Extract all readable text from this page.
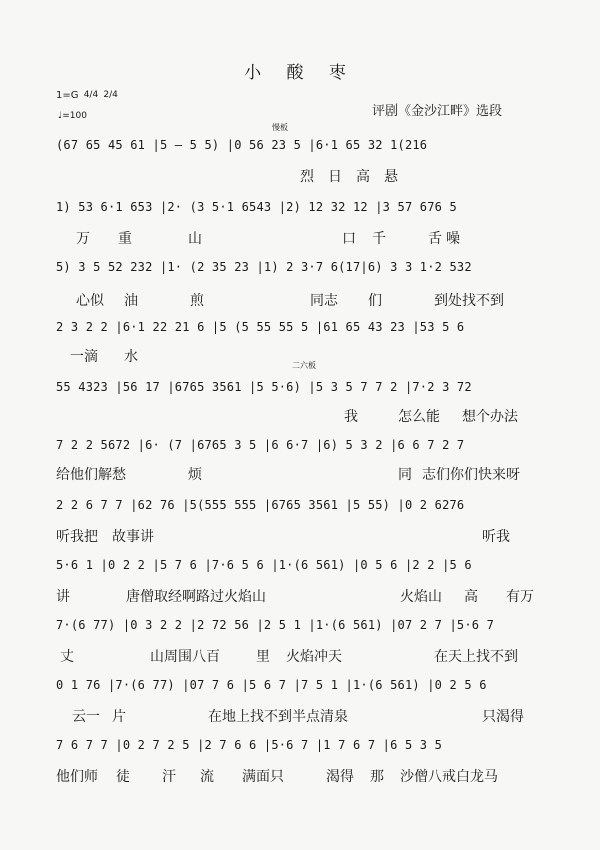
小 酸 枣
1=G 4/4 2/4
♩=100	评剧《金沙江畔》选段
慢板
二六板
(67 65 45 61 |5 — 5 5) |0 56 23 5 |6·1 65 32 1(216
烈 日 高 悬
1) 53 6·1 653 |2· (3 5·1 6543 |2) 12 32 12 |3 57 676 5
万 重	山	口 千	舌 噪
5) 3 5 52 232 |1· (2 35 23 |1) 2 3·7 6(17|6) 3 3 1·2 532
心似 油	煎	同志 们	到处找不到
2 3 2 2 |6·1 22 21 6 |5 (5 55 55 5 |61 65 43 23 |53 5 6
一滴 水
55 4323 |56 17 |6765 3561 |5 5·6) |5 3 5 7 7 2 |7·2 3 72
我	怎么能 想个办法
7 2 2 5672 |6· (7 |6765 3 5 |6 6·7 |6) 5 3 2 |6 6 7 2 7
给他们解愁	烦	同 志们你们快来呀
2 2 6 7 7 |62 76 |5(555 555 |6765 3561 |5 55) |0 2 6276
听我把 故事讲	听我
5·6 1 |0 2 2 |5 7 6 |7·6 5 6 |1·(6 561) |0 5 6 |2 2 |5 6
讲	唐僧取经啊路过火焰山	火焰山 高 有万
7·(6 77) |0 3 2 2 |2 72 56 |2 5 1 |1·(6 561) |07 2 7 |5·6 7
丈	山周围八百	里 火焰冲天	在天上找不到
0 1 76 |7·(6 77) |07 7 6 |5 6 7 |7 5 1 |1·(6 561) |0 2 5 6
云一 片	在地上找不到半点清泉	只渴得
7 6 7 7 |0 2 7 2 5 |2 7 6 6 |5·6 7 |1 7 6 7 |6 5 3 5
他们师 徒 汗 流 满面只	渴得 那 沙僧八戒白龙马
